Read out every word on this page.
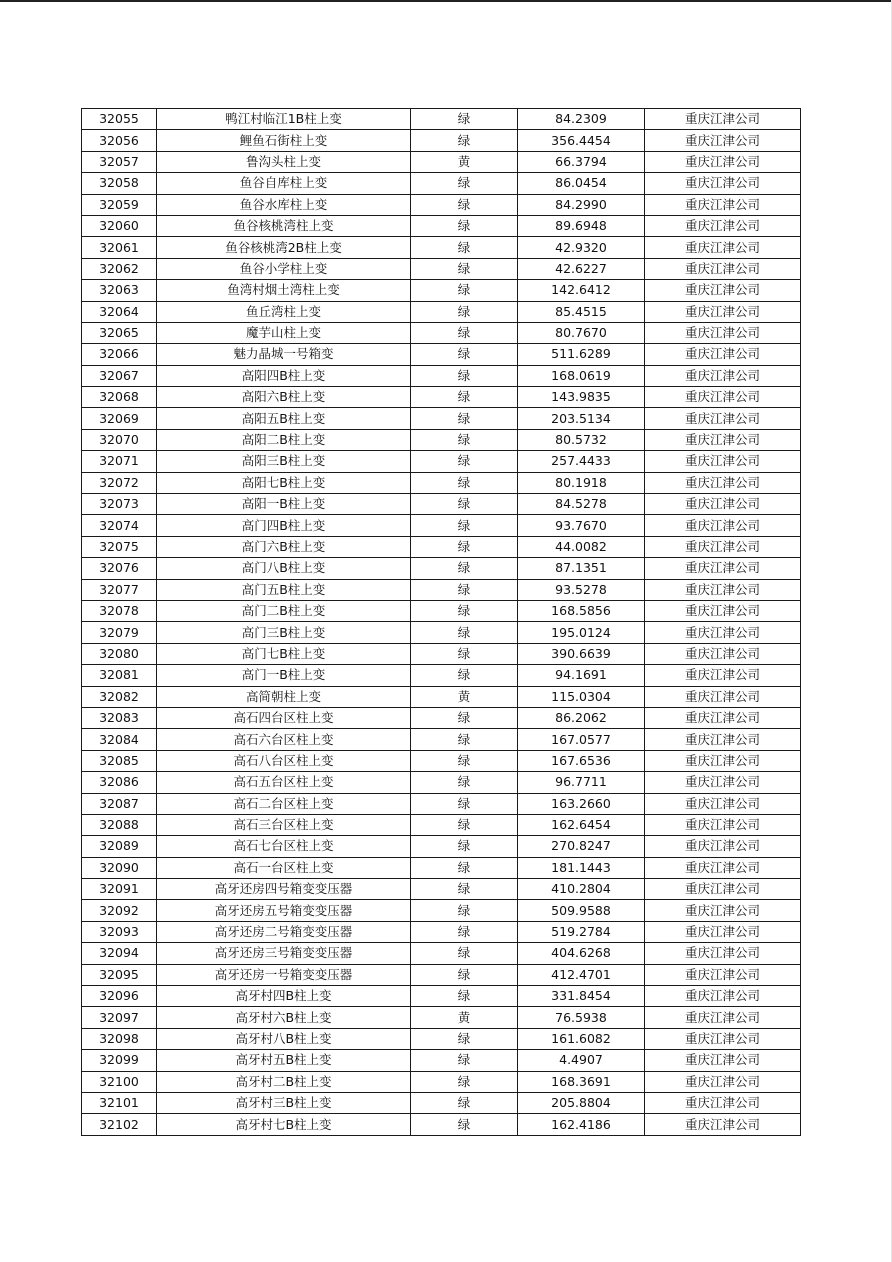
32055	鸭江村临江1B柱上变	绿	84.2309	重庆江津公司
32056	鲤鱼石街柱上变	绿	356.4454	重庆江津公司
32057	鲁沟头柱上变	黄	66.3794	重庆江津公司
32058	鱼谷自库柱上变	绿	86.0454	重庆江津公司
32059	鱼谷水库柱上变	绿	84.2990	重庆江津公司
32060	鱼谷核桃湾柱上变	绿	89.6948	重庆江津公司
32061	鱼谷核桃湾2B柱上变	绿	42.9320	重庆江津公司
32062	鱼谷小学柱上变	绿	42.6227	重庆江津公司
32063	鱼湾村烟土湾柱上变	绿	142.6412	重庆江津公司
32064	鱼丘湾柱上变	绿	85.4515	重庆江津公司
32065	魔芋山柱上变	绿	80.7670	重庆江津公司
32066	魅力晶城一号箱变	绿	511.6289	重庆江津公司
32067	高阳四B柱上变	绿	168.0619	重庆江津公司
32068	高阳六B柱上变	绿	143.9835	重庆江津公司
32069	高阳五B柱上变	绿	203.5134	重庆江津公司
32070	高阳二B柱上变	绿	80.5732	重庆江津公司
32071	高阳三B柱上变	绿	257.4433	重庆江津公司
32072	高阳七B柱上变	绿	80.1918	重庆江津公司
32073	高阳一B柱上变	绿	84.5278	重庆江津公司
32074	高门四B柱上变	绿	93.7670	重庆江津公司
32075	高门六B柱上变	绿	44.0082	重庆江津公司
32076	高门八B柱上变	绿	87.1351	重庆江津公司
32077	高门五B柱上变	绿	93.5278	重庆江津公司
32078	高门二B柱上变	绿	168.5856	重庆江津公司
32079	高门三B柱上变	绿	195.0124	重庆江津公司
32080	高门七B柱上变	绿	390.6639	重庆江津公司
32081	高门一B柱上变	绿	94.1691	重庆江津公司
32082	高简朝柱上变	黄	115.0304	重庆江津公司
32083	高石四台区柱上变	绿	86.2062	重庆江津公司
32084	高石六台区柱上变	绿	167.0577	重庆江津公司
32085	高石八台区柱上变	绿	167.6536	重庆江津公司
32086	高石五台区柱上变	绿	96.7711	重庆江津公司
32087	高石二台区柱上变	绿	163.2660	重庆江津公司
32088	高石三台区柱上变	绿	162.6454	重庆江津公司
32089	高石七台区柱上变	绿	270.8247	重庆江津公司
32090	高石一台区柱上变	绿	181.1443	重庆江津公司
32091	高牙还房四号箱变变压器	绿	410.2804	重庆江津公司
32092	高牙还房五号箱变变压器	绿	509.9588	重庆江津公司
32093	高牙还房二号箱变变压器	绿	519.2784	重庆江津公司
32094	高牙还房三号箱变变压器	绿	404.6268	重庆江津公司
32095	高牙还房一号箱变变压器	绿	412.4701	重庆江津公司
32096	高牙村四B柱上变	绿	331.8454	重庆江津公司
32097	高牙村六B柱上变	黄	76.5938	重庆江津公司
32098	高牙村八B柱上变	绿	161.6082	重庆江津公司
32099	高牙村五B柱上变	绿	4.4907	重庆江津公司
32100	高牙村二B柱上变	绿	168.3691	重庆江津公司
32101	高牙村三B柱上变	绿	205.8804	重庆江津公司
32102	高牙村七B柱上变	绿	162.4186	重庆江津公司
